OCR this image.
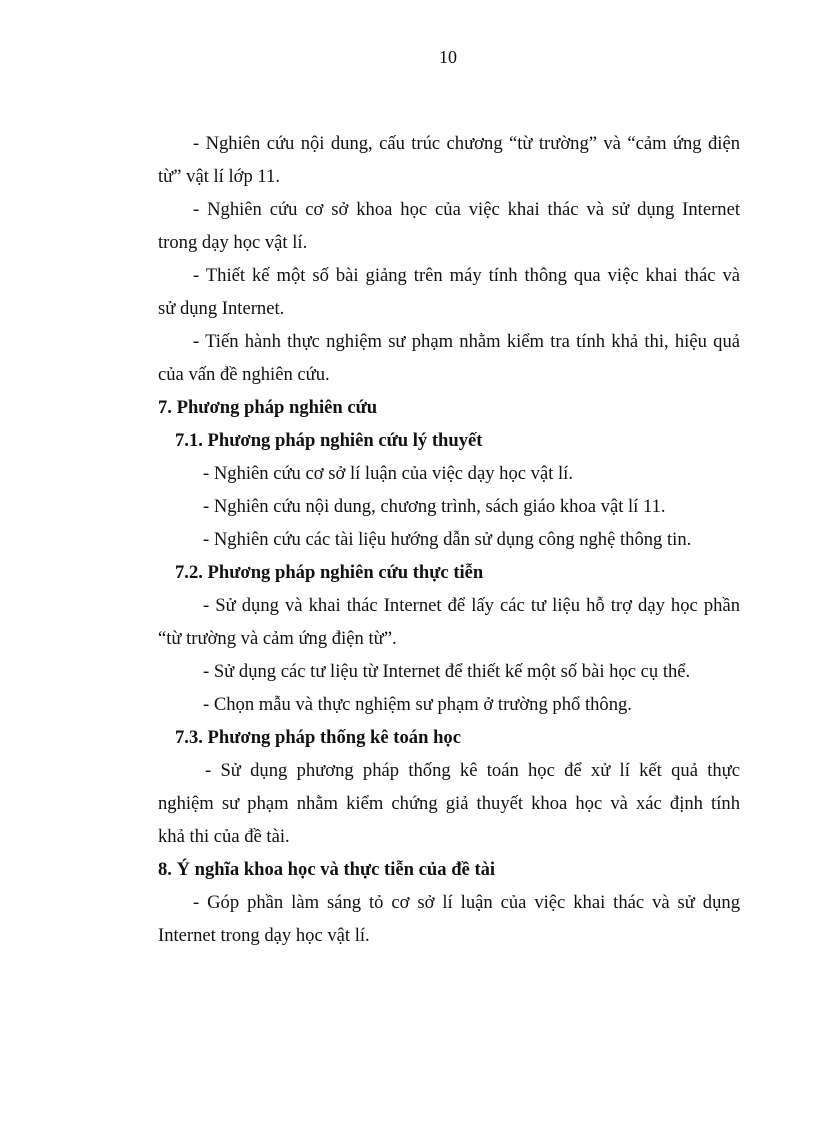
10
- Nghiên cứu nội dung, cấu trúc chương “từ trường” và “cảm ứng điện
từ” vật lí lớp 11.
- Nghiên cứu cơ sở khoa học của việc khai thác và sử dụng Internet
trong dạy học vật lí.
- Thiết kế một số bài giảng trên máy tính thông qua việc khai thác và
sử dụng Internet.
- Tiến hành thực nghiệm sư phạm nhằm kiểm tra tính khả thi, hiệu quả
của vấn đề nghiên cứu.
7. Phương pháp nghiên cứu
7.1. Phương pháp nghiên cứu lý thuyết
- Nghiên cứu cơ sở lí luận của việc dạy học vật lí.
- Nghiên cứu nội dung, chương trình, sách giáo khoa vật lí 11.
- Nghiên cứu các tài liệu hướng dẫn sử dụng công nghệ thông tin.
7.2. Phương pháp nghiên cứu thực tiễn
- Sử dụng và khai thác Internet để lấy các tư liệu hỗ trợ dạy học phần
“từ trường và cảm ứng điện từ”.
- Sử dụng các tư liệu từ Internet để thiết kế một số bài học cụ thể.
- Chọn mẫu và thực nghiệm sư phạm ở trường phổ thông.
7.3. Phương pháp thống kê toán học
- Sử dụng phương pháp thống kê toán học để xử lí kết quả thực
nghiệm sư phạm nhằm kiểm chứng giả thuyết khoa học và xác định tính
khả thi của đề tài.
8. Ý nghĩa khoa học và thực tiễn của đề tài
- Góp phần làm sáng tỏ cơ sở lí luận của việc khai thác và sử dụng
Internet trong dạy học vật lí.
